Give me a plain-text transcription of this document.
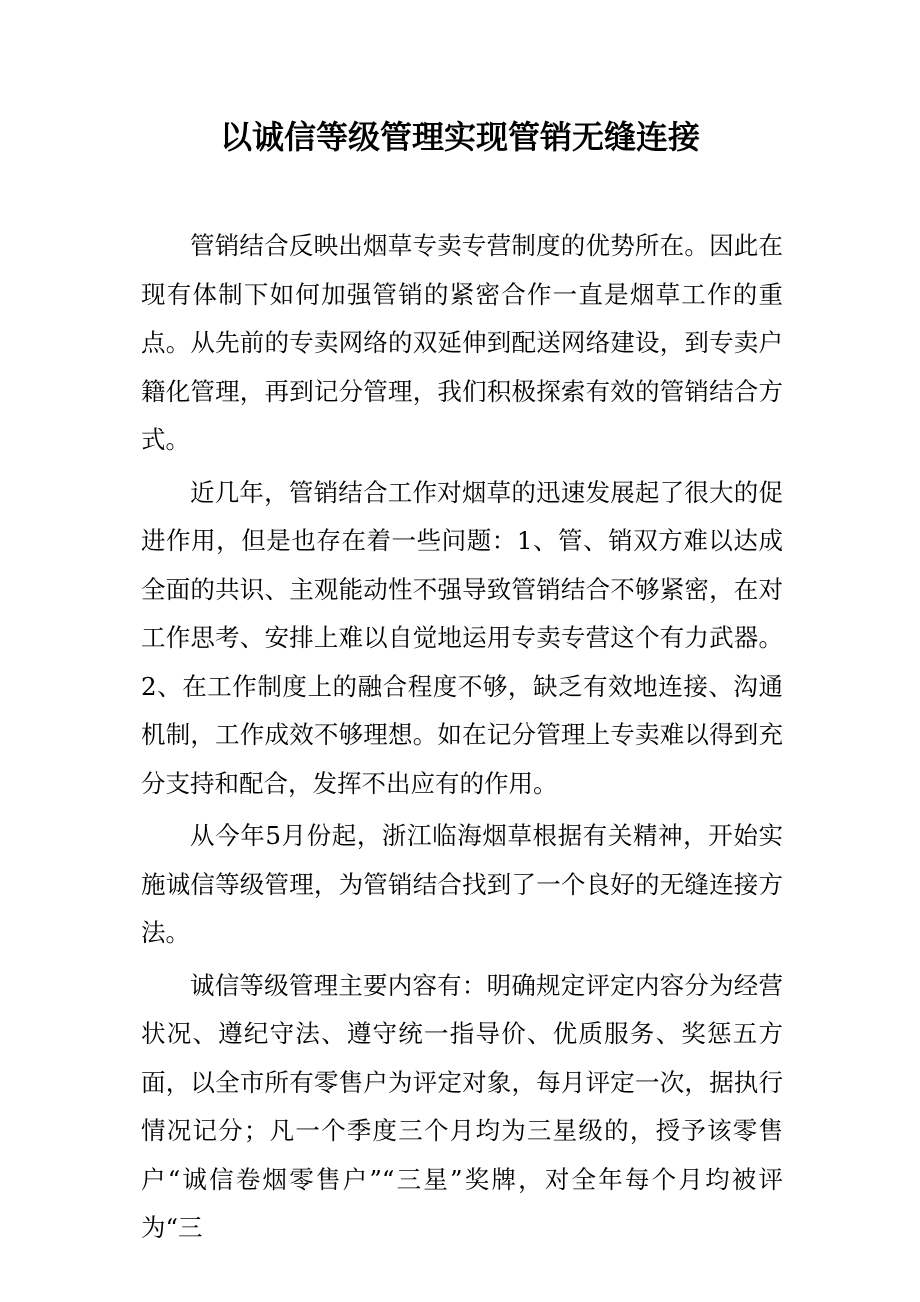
以诚信等级管理实现管销无缝连接

管销结合反映出烟草专卖专营制度的优势所在。因此在现有体制下如何加强管销的紧密合作一直是烟草工作的重点。从先前的专卖网络的双延伸到配送网络建设，到专卖户籍化管理，再到记分管理，我们积极探索有效的管销结合方式。

近几年，管销结合工作对烟草的迅速发展起了很大的促进作用，但是也存在着一些问题：1、管、销双方难以达成全面的共识、主观能动性不强导致管销结合不够紧密，在对工作思考、安排上难以自觉地运用专卖专营这个有力武器。2、在工作制度上的融合程度不够，缺乏有效地连接、沟通机制，工作成效不够理想。如在记分管理上专卖难以得到充分支持和配合，发挥不出应有的作用。

从今年5月份起，浙江临海烟草根据有关精神，开始实施诚信等级管理，为管销结合找到了一个良好的无缝连接方法。

诚信等级管理主要内容有：明确规定评定内容分为经营状况、遵纪守法、遵守统一指导价、优质服务、奖惩五方面，以全市所有零售户为评定对象，每月评定一次，据执行情况记分；凡一个季度三个月均为三星级的，授予该零售户“诚信卷烟零售户”“三星”奖牌，对全年每个月均被评为“三
